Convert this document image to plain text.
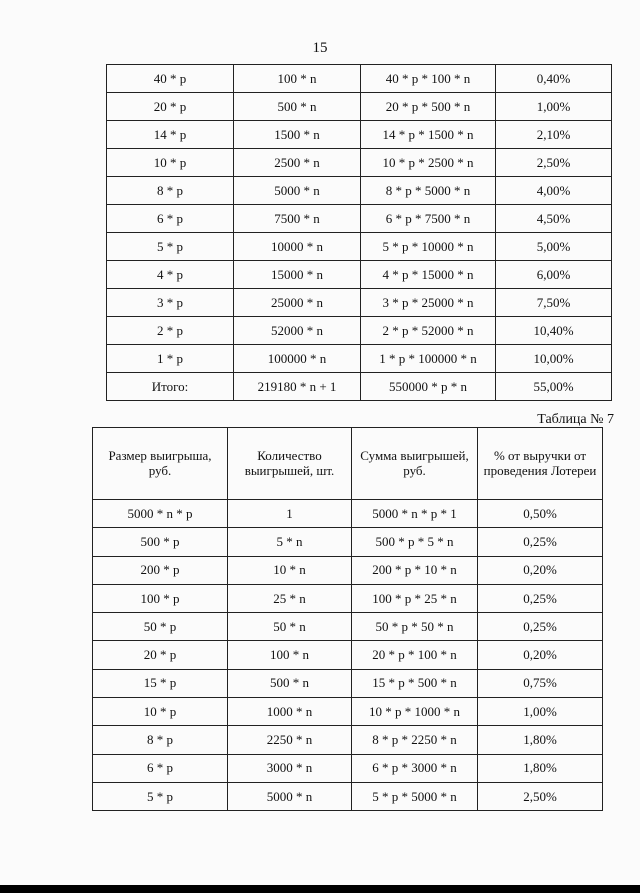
15
40 * р	100 * n	40 * р * 100 * n	0,40%
20 * р	500 * n	20 * р * 500 * n	1,00%
14 * р	1500 * n	14 * р * 1500 * n	2,10%
10 * р	2500 * n	10 * р * 2500 * n	2,50%
8 * р	5000 * n	8 * р * 5000 * n	4,00%
6 * р	7500 * n	6 * р * 7500 * n	4,50%
5 * р	10000 * n	5 * р * 10000 * n	5,00%
4 * р	15000 * n	4 * р * 15000 * n	6,00%
3 * р	25000 * n	3 * р * 25000 * n	7,50%
2 * р	52000 * n	2 * р * 52000 * n	10,40%
1 * р	100000 * n	1 * р * 100000 * n	10,00%
Итого:	219180 * n + 1	550000 * р * n	55,00%
Таблица № 7
Размер выигрыша, руб.	Количество выигрышей, шт.	Сумма выигрышей, руб.	% от выручки от проведения Лотереи
5000 * n * р	1	5000 * n * р * 1	0,50%
500 * р	5 * n	500 * р * 5 * n	0,25%
200 * р	10 * n	200 * р * 10 * n	0,20%
100 * р	25 * n	100 * р * 25 * n	0,25%
50 * р	50 * n	50 * р * 50 * n	0,25%
20 * р	100 * n	20 * р * 100 * n	0,20%
15 * р	500 * n	15 * р * 500 * n	0,75%
10 * р	1000 * n	10 * р * 1000 * n	1,00%
8 * р	2250 * n	8 * р * 2250 * n	1,80%
6 * р	3000 * n	6 * р * 3000 * n	1,80%
5 * р	5000 * n	5 * р * 5000 * n	2,50%
